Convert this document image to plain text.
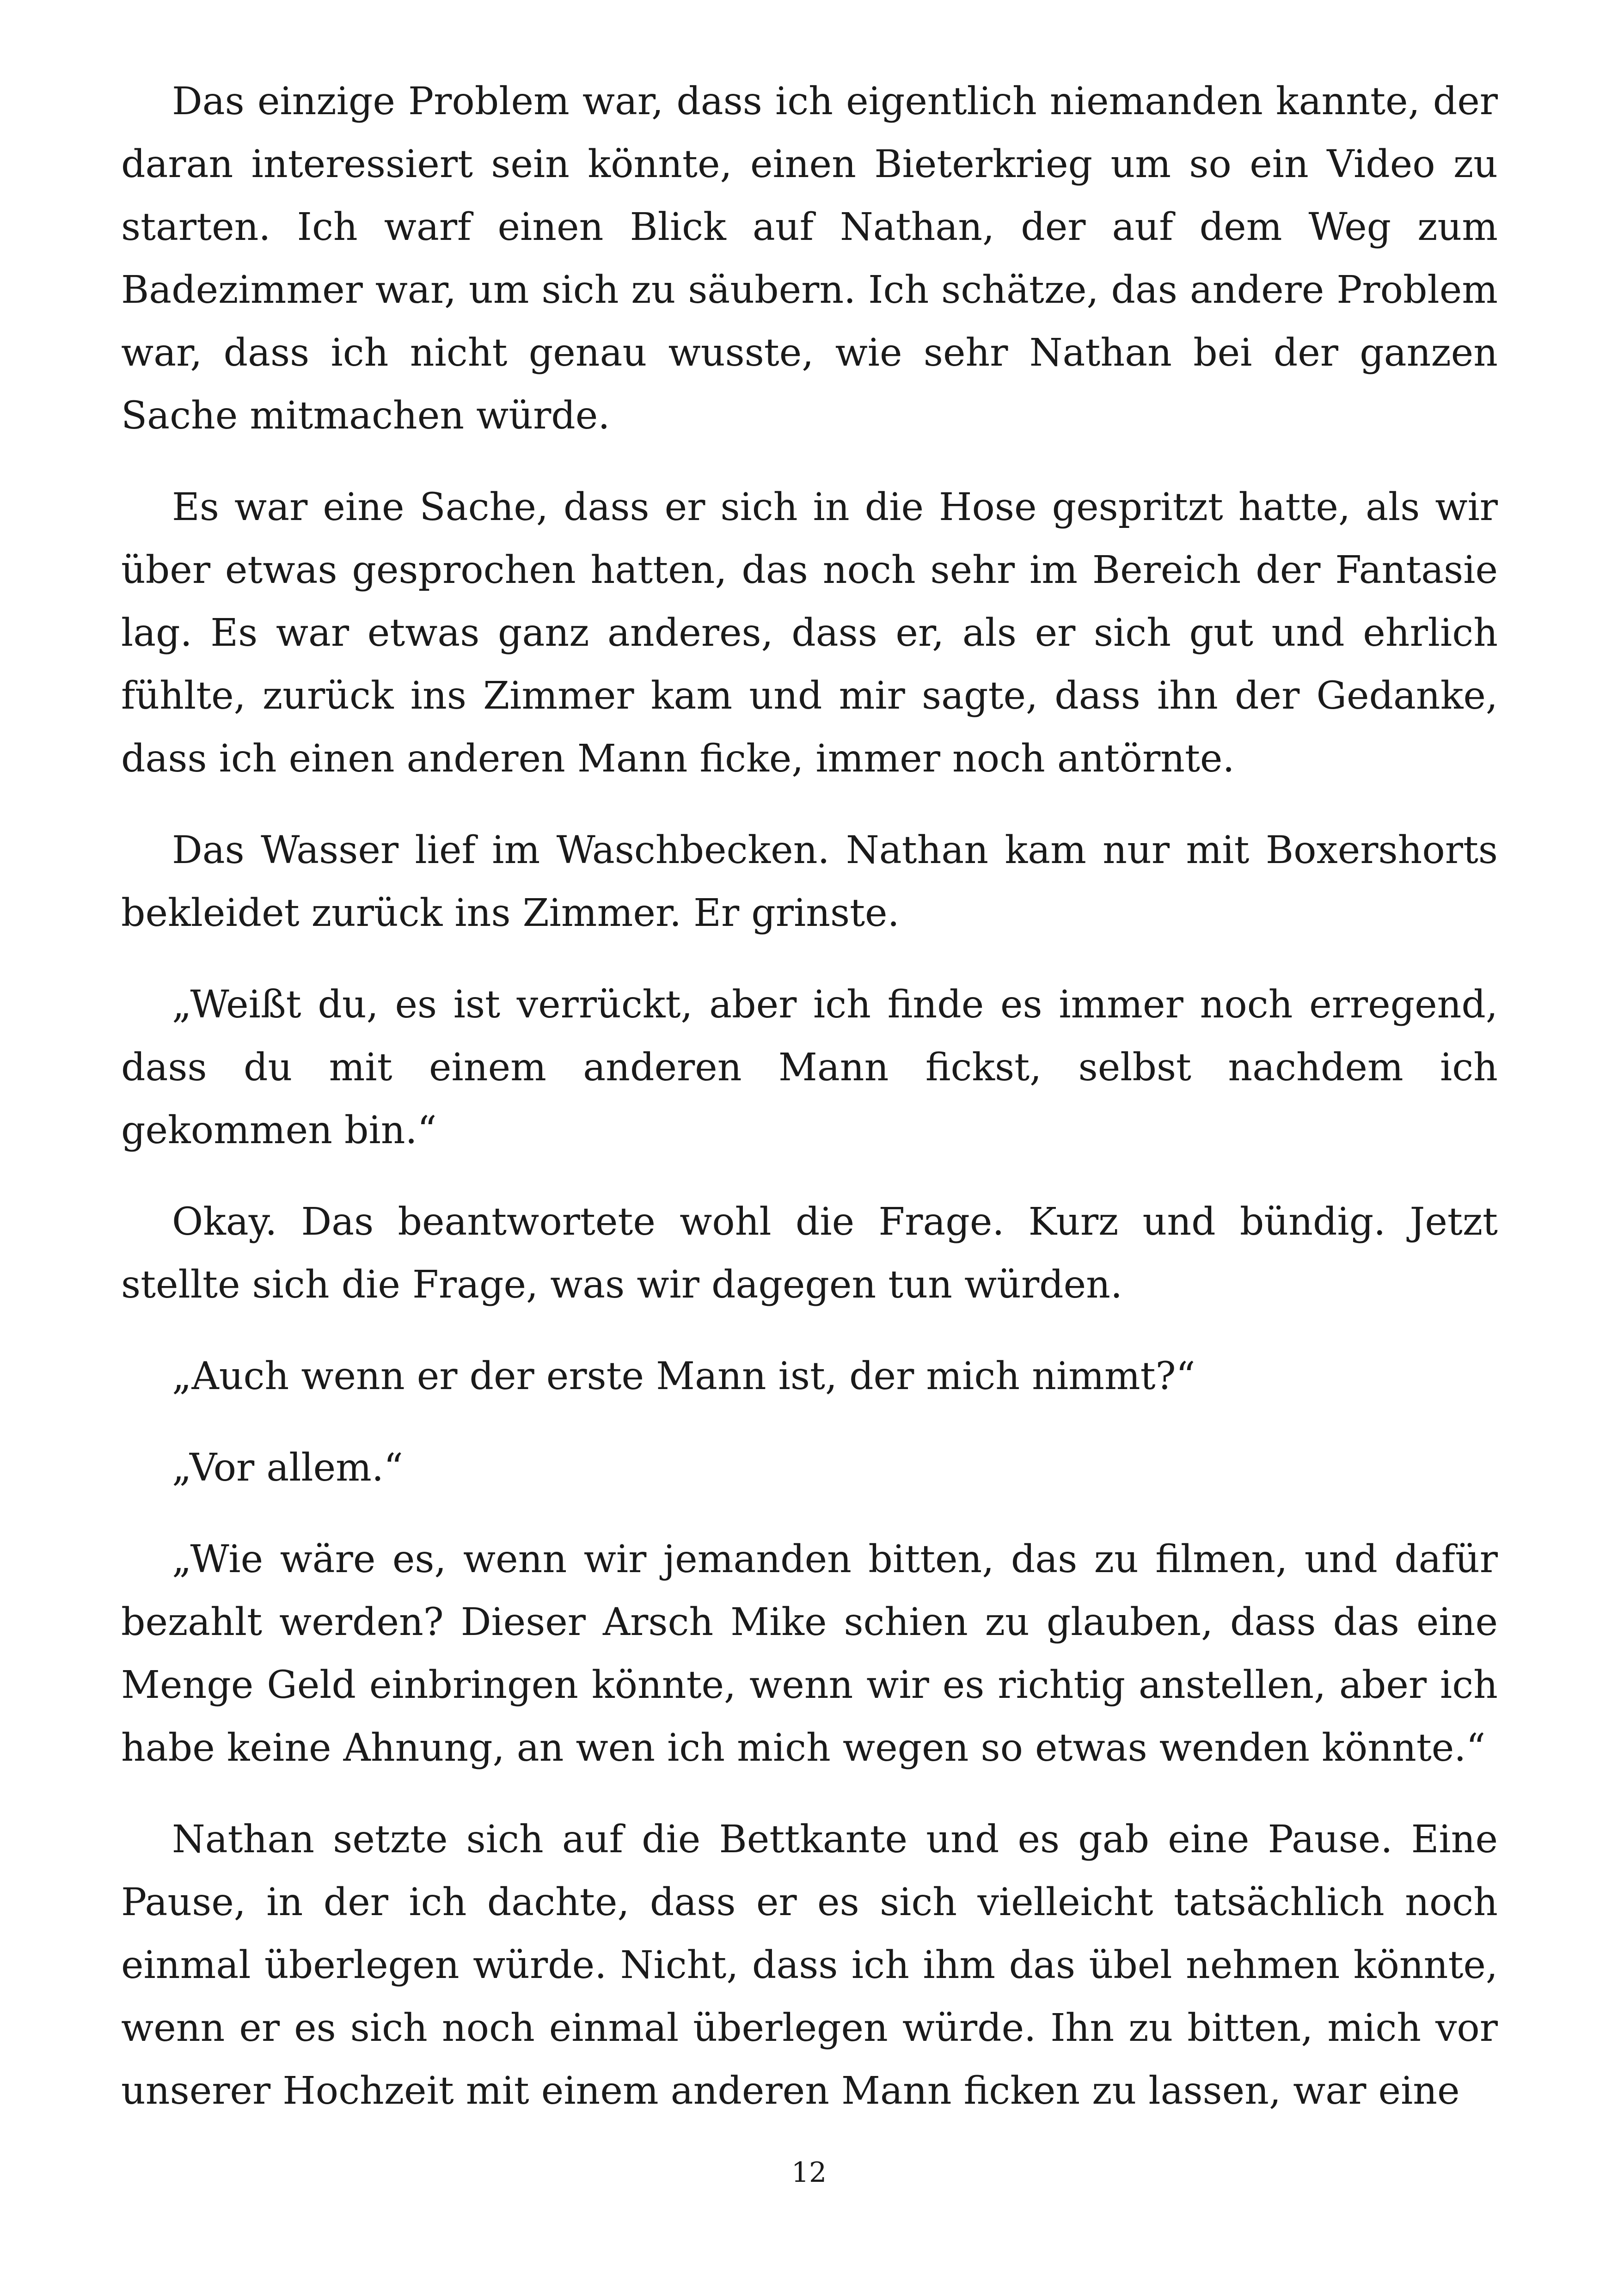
Das einzige Problem war, dass ich eigentlich niemanden kannte, der daran interessiert sein könnte, einen Bieterkrieg um so ein Video zu starten. Ich warf einen Blick auf Nathan, der auf dem Weg zum Badezimmer war, um sich zu säubern. Ich schätze, das andere Problem war, dass ich nicht genau wusste, wie sehr Nathan bei der ganzen Sache mitmachen würde.

Es war eine Sache, dass er sich in die Hose gespritzt hatte, als wir über etwas gesprochen hatten, das noch sehr im Bereich der Fantasie lag. Es war etwas ganz anderes, dass er, als er sich gut und ehrlich fühlte, zurück ins Zimmer kam und mir sagte, dass ihn der Gedanke, dass ich einen anderen Mann ficke, immer noch antörnte.

Das Wasser lief im Waschbecken. Nathan kam nur mit Boxershorts bekleidet zurück ins Zimmer. Er grinste.

„Weißt du, es ist verrückt, aber ich finde es immer noch erregend, dass du mit einem anderen Mann fickst, selbst nachdem ich gekommen bin.“

Okay. Das beantwortete wohl die Frage. Kurz und bündig. Jetzt stellte sich die Frage, was wir dagegen tun würden.

„Auch wenn er der erste Mann ist, der mich nimmt?“

„Vor allem.“

„Wie wäre es, wenn wir jemanden bitten, das zu filmen, und dafür bezahlt werden? Dieser Arsch Mike schien zu glauben, dass das eine Menge Geld einbringen könnte, wenn wir es richtig anstellen, aber ich habe keine Ahnung, an wen ich mich wegen so etwas wenden könnte.“

Nathan setzte sich auf die Bettkante und es gab eine Pause. Eine Pause, in der ich dachte, dass er es sich vielleicht tatsächlich noch einmal überlegen würde. Nicht, dass ich ihm das übel nehmen könnte, wenn er es sich noch einmal überlegen würde. Ihn zu bitten, mich vor unserer Hochzeit mit einem anderen Mann ficken zu lassen, war eine

12
